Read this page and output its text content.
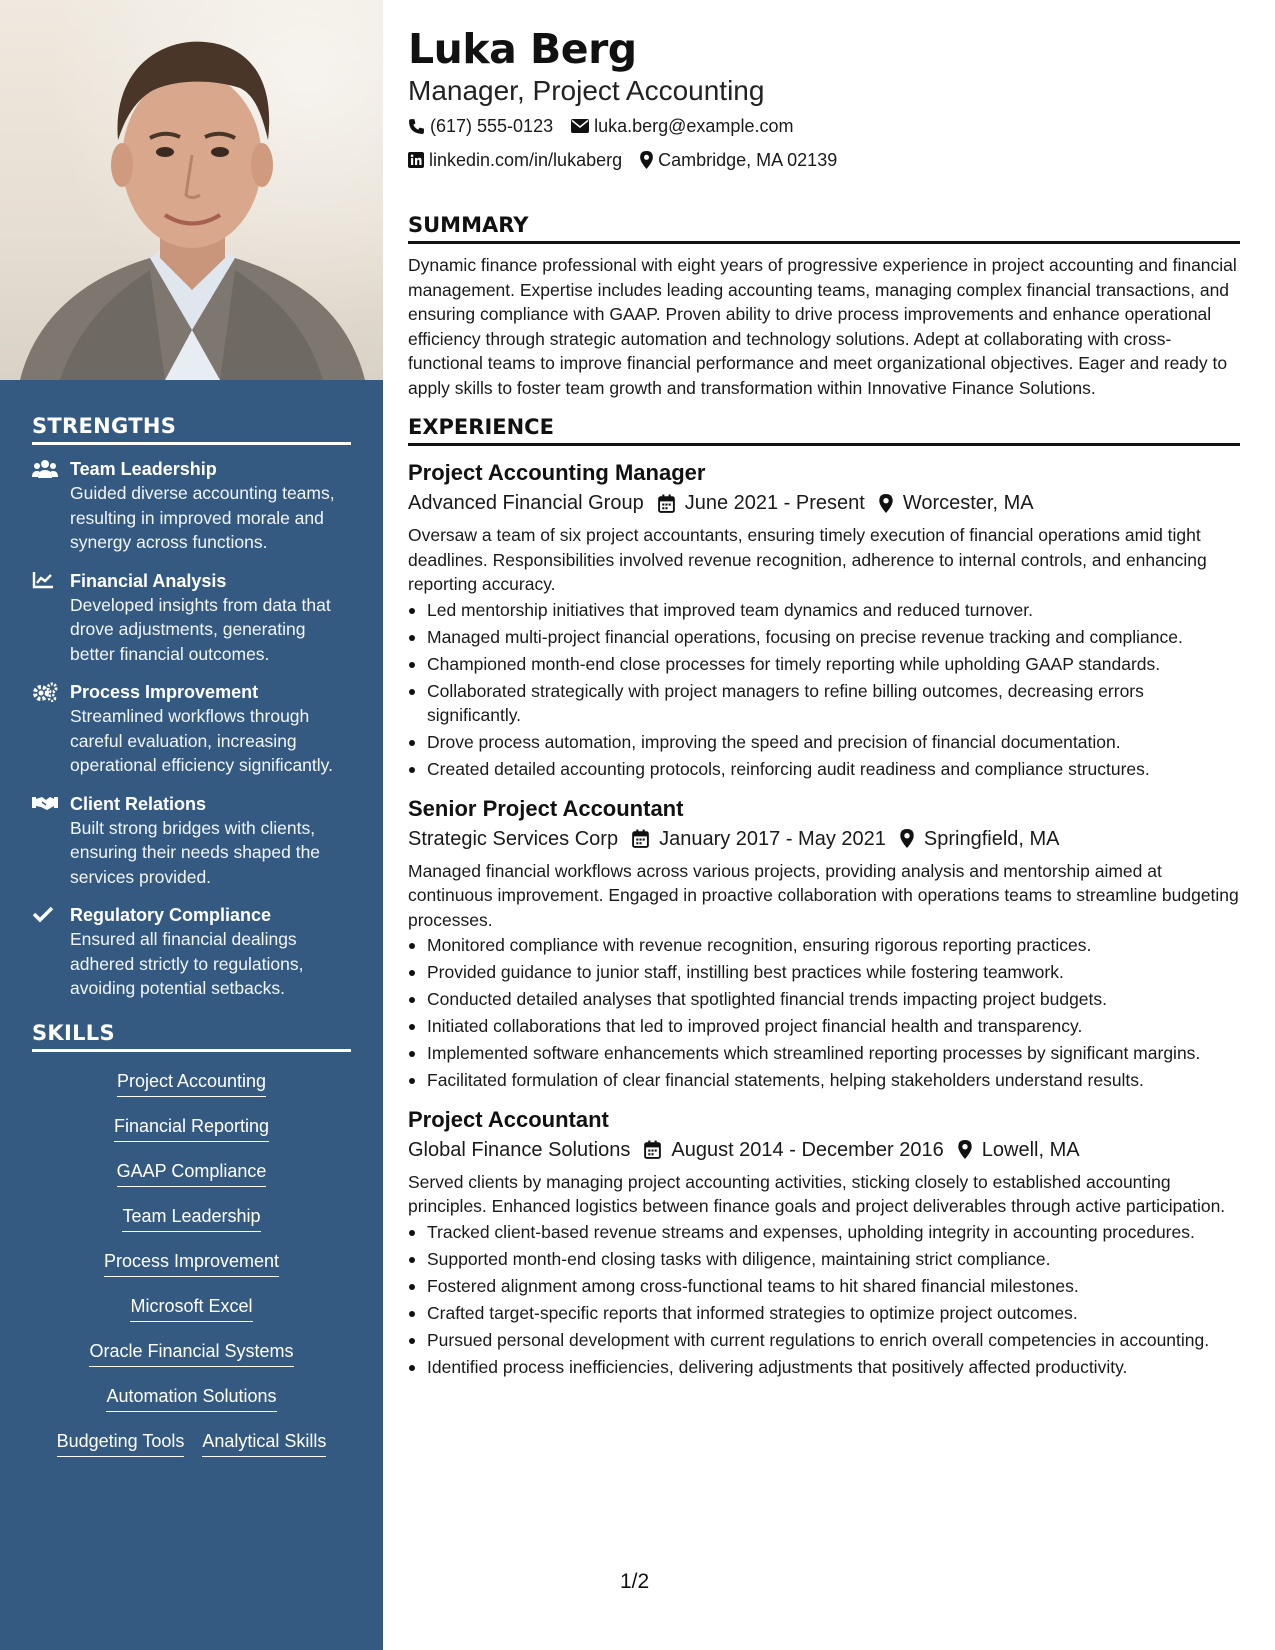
STRENGTHS
Team Leadership
Guided diverse accounting teams, resulting in improved morale and synergy across functions.
Financial Analysis
Developed insights from data that drove adjustments, generating better financial outcomes.
Process Improvement
Streamlined workflows through careful evaluation, increasing operational efficiency significantly.
Client Relations
Built strong bridges with clients, ensuring their needs shaped the services provided.
Regulatory Compliance
Ensured all financial dealings adhered strictly to regulations, avoiding potential setbacks.
SKILLS
Project Accounting
Financial Reporting
GAAP Compliance
Team Leadership
Process Improvement
Microsoft Excel
Oracle Financial Systems
Automation Solutions
Budgeting Tools Analytical Skills
Luka Berg
Manager, Project Accounting
(617) 555-0123 luka.berg@example.com
linkedin.com/in/lukaberg Cambridge, MA 02139
SUMMARY

Dynamic finance professional with eight years of progressive experience in project accounting and financial management. Expertise includes leading accounting teams, managing complex financial transactions, and ensuring compliance with GAAP. Proven ability to drive process improvements and enhance operational efficiency through strategic automation and technology solutions. Adept at collaborating with cross-functional teams to improve financial performance and meet organizational objectives. Eager and ready to apply skills to foster team growth and transformation within Innovative Finance Solutions.

EXPERIENCE
Project Accounting Manager
Advanced Financial Group June 2021 - Present Worcester, MA
Oversaw a team of six project accountants, ensuring timely execution of financial operations amid tight deadlines. Responsibilities involved revenue recognition, adherence to internal controls, and enhancing reporting accuracy.
Led mentorship initiatives that improved team dynamics and reduced turnover.
Managed multi-project financial operations, focusing on precise revenue tracking and compliance.
Championed month-end close processes for timely reporting while upholding GAAP standards.
Collaborated strategically with project managers to refine billing outcomes, decreasing errors significantly.
Drove process automation, improving the speed and precision of financial documentation.
Created detailed accounting protocols, reinforcing audit readiness and compliance structures.
Senior Project Accountant
Strategic Services Corp January 2017 - May 2021 Springfield, MA
Managed financial workflows across various projects, providing analysis and mentorship aimed at continuous improvement. Engaged in proactive collaboration with operations teams to streamline budgeting processes.
Monitored compliance with revenue recognition, ensuring rigorous reporting practices.
Provided guidance to junior staff, instilling best practices while fostering teamwork.
Conducted detailed analyses that spotlighted financial trends impacting project budgets.
Initiated collaborations that led to improved project financial health and transparency.
Implemented software enhancements which streamlined reporting processes by significant margins.
Facilitated formulation of clear financial statements, helping stakeholders understand results.
Project Accountant
Global Finance Solutions August 2014 - December 2016 Lowell, MA
Served clients by managing project accounting activities, sticking closely to established accounting principles. Enhanced logistics between finance goals and project deliverables through active participation.
Tracked client-based revenue streams and expenses, upholding integrity in accounting procedures.
Supported month-end closing tasks with diligence, maintaining strict compliance.
Fostered alignment among cross-functional teams to hit shared financial milestones.
Crafted target-specific reports that informed strategies to optimize project outcomes.
Pursued personal development with current regulations to enrich overall competencies in accounting.
Identified process inefficiencies, delivering adjustments that positively affected productivity.
1/2
